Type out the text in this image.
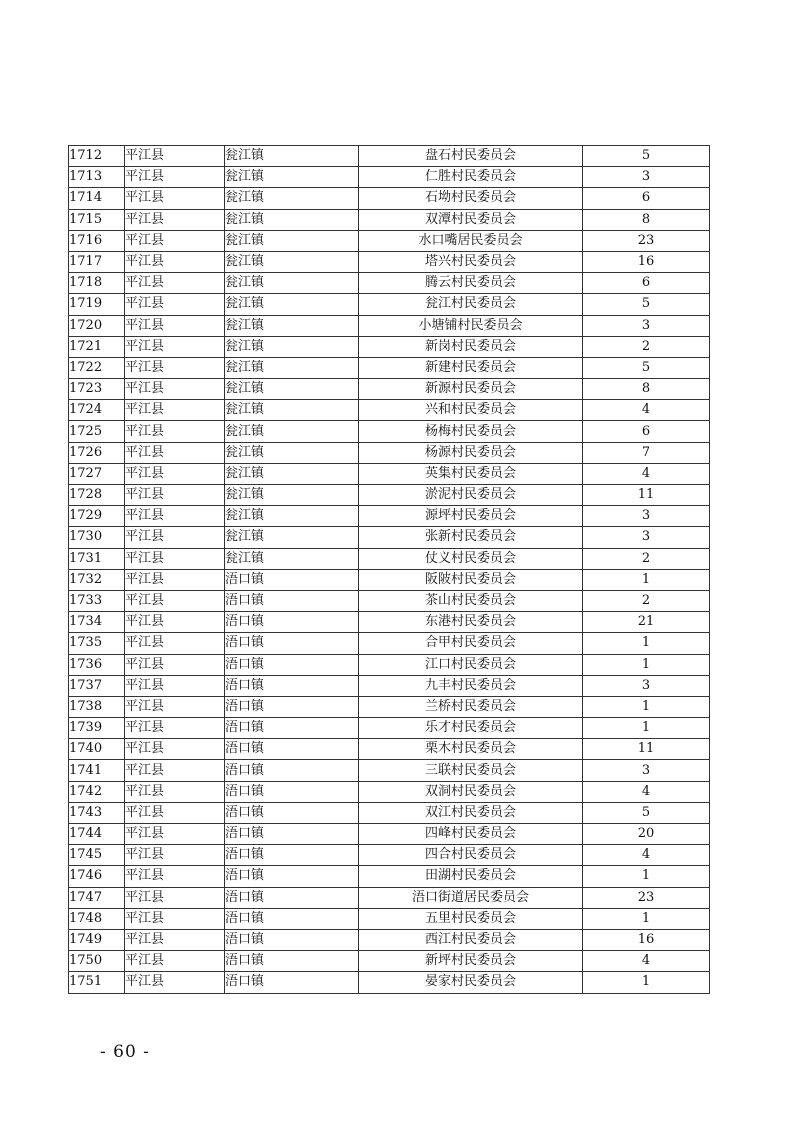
1712	平江县	瓮江镇	盘石村民委员会	5
1713	平江县	瓮江镇	仁胜村民委员会	3
1714	平江县	瓮江镇	石坳村民委员会	6
1715	平江县	瓮江镇	双潭村民委员会	8
1716	平江县	瓮江镇	水口嘴居民委员会	23
1717	平江县	瓮江镇	塔兴村民委员会	16
1718	平江县	瓮江镇	腾云村民委员会	6
1719	平江县	瓮江镇	瓮江村民委员会	5
1720	平江县	瓮江镇	小塘铺村民委员会	3
1721	平江县	瓮江镇	新岗村民委员会	2
1722	平江县	瓮江镇	新建村民委员会	5
1723	平江县	瓮江镇	新源村民委员会	8
1724	平江县	瓮江镇	兴和村民委员会	4
1725	平江县	瓮江镇	杨梅村民委员会	6
1726	平江县	瓮江镇	杨源村民委员会	7
1727	平江县	瓮江镇	英集村民委员会	4
1728	平江县	瓮江镇	淤泥村民委员会	11
1729	平江县	瓮江镇	源坪村民委员会	3
1730	平江县	瓮江镇	张新村民委员会	3
1731	平江县	瓮江镇	仗义村民委员会	2
1732	平江县	浯口镇	阪陂村民委员会	1
1733	平江县	浯口镇	茶山村民委员会	2
1734	平江县	浯口镇	东港村民委员会	21
1735	平江县	浯口镇	合甲村民委员会	1
1736	平江县	浯口镇	江口村民委员会	1
1737	平江县	浯口镇	九丰村民委员会	3
1738	平江县	浯口镇	兰桥村民委员会	1
1739	平江县	浯口镇	乐才村民委员会	1
1740	平江县	浯口镇	栗木村民委员会	11
1741	平江县	浯口镇	三联村民委员会	3
1742	平江县	浯口镇	双洞村民委员会	4
1743	平江县	浯口镇	双江村民委员会	5
1744	平江县	浯口镇	四峰村民委员会	20
1745	平江县	浯口镇	四合村民委员会	4
1746	平江县	浯口镇	田湖村民委员会	1
1747	平江县	浯口镇	浯口街道居民委员会	23
1748	平江县	浯口镇	五里村民委员会	1
1749	平江县	浯口镇	西江村民委员会	16
1750	平江县	浯口镇	新坪村民委员会	4
1751	平江县	浯口镇	晏家村民委员会	1
- 60 -
